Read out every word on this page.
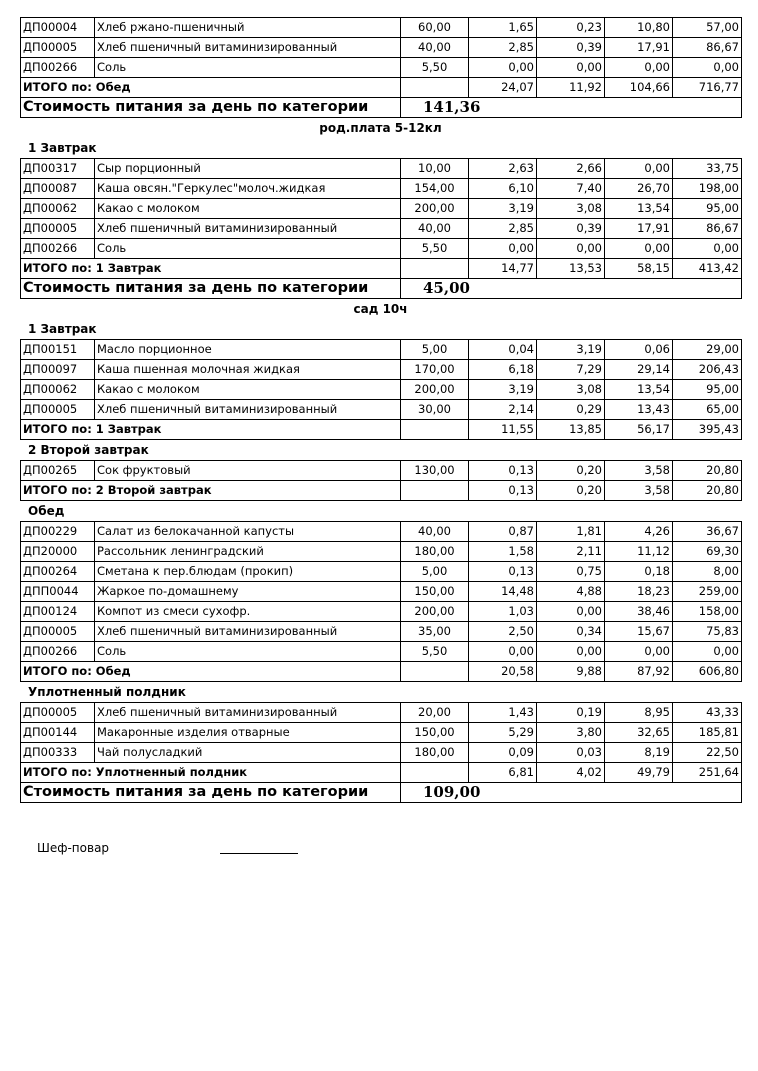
ДП00004	Хлеб ржано-пшеничный	60,00	1,65	0,23	10,80	57,00
ДП00005	Хлеб пшеничный витаминизированный	40,00	2,85	0,39	17,91	86,67
ДП00266	Соль	5,50	0,00	0,00	0,00	0,00
ИТОГО по: Обед			24,07	11,92	104,66	716,77
Стоимость питания за день по категории		141,36				
род.плата 5-12кл
1 Завтрак
ДП00317	Сыр порционный	10,00	2,63	2,66	0,00	33,75
ДП00087	Каша овсян."Геркулес"молоч.жидкая	154,00	6,10	7,40	26,70	198,00
ДП00062	Какао с молоком	200,00	3,19	3,08	13,54	95,00
ДП00005	Хлеб пшеничный витаминизированный	40,00	2,85	0,39	17,91	86,67
ДП00266	Соль	5,50	0,00	0,00	0,00	0,00
ИТОГО по: 1 Завтрак			14,77	13,53	58,15	413,42
Стоимость питания за день по категории		45,00				
сад 10ч
1 Завтрак
ДП00151	Масло порционное	5,00	0,04	3,19	0,06	29,00
ДП00097	Каша пшенная молочная жидкая	170,00	6,18	7,29	29,14	206,43
ДП00062	Какао с молоком	200,00	3,19	3,08	13,54	95,00
ДП00005	Хлеб пшеничный витаминизированный	30,00	2,14	0,29	13,43	65,00
ИТОГО по: 1 Завтрак			11,55	13,85	56,17	395,43
2 Второй завтрак
ДП00265	Сок фруктовый	130,00	0,13	0,20	3,58	20,80
ИТОГО по: 2 Второй завтрак			0,13	0,20	3,58	20,80
Обед
ДП00229	Салат из белокачанной капусты	40,00	0,87	1,81	4,26	36,67
ДП20000	Рассольник ленинградский	180,00	1,58	2,11	11,12	69,30
ДП00264	Сметана к пер.блюдам (прокип)	5,00	0,13	0,75	0,18	8,00
ДПП0044	Жаркое по-домашнему	150,00	14,48	4,88	18,23	259,00
ДП00124	Компот из смеси сухофр.	200,00	1,03	0,00	38,46	158,00
ДП00005	Хлеб пшеничный витаминизированный	35,00	2,50	0,34	15,67	75,83
ДП00266	Соль	5,50	0,00	0,00	0,00	0,00
ИТОГО по: Обед			20,58	9,88	87,92	606,80
Уплотненный полдник
ДП00005	Хлеб пшеничный витаминизированный	20,00	1,43	0,19	8,95	43,33
ДП00144	Макаронные изделия отварные	150,00	5,29	3,80	32,65	185,81
ДП00333	Чай полусладкий	180,00	0,09	0,03	8,19	22,50
ИТОГО по: Уплотненный полдник			6,81	4,02	49,79	251,64
Стоимость питания за день по категории		109,00				
Шеф-повар
